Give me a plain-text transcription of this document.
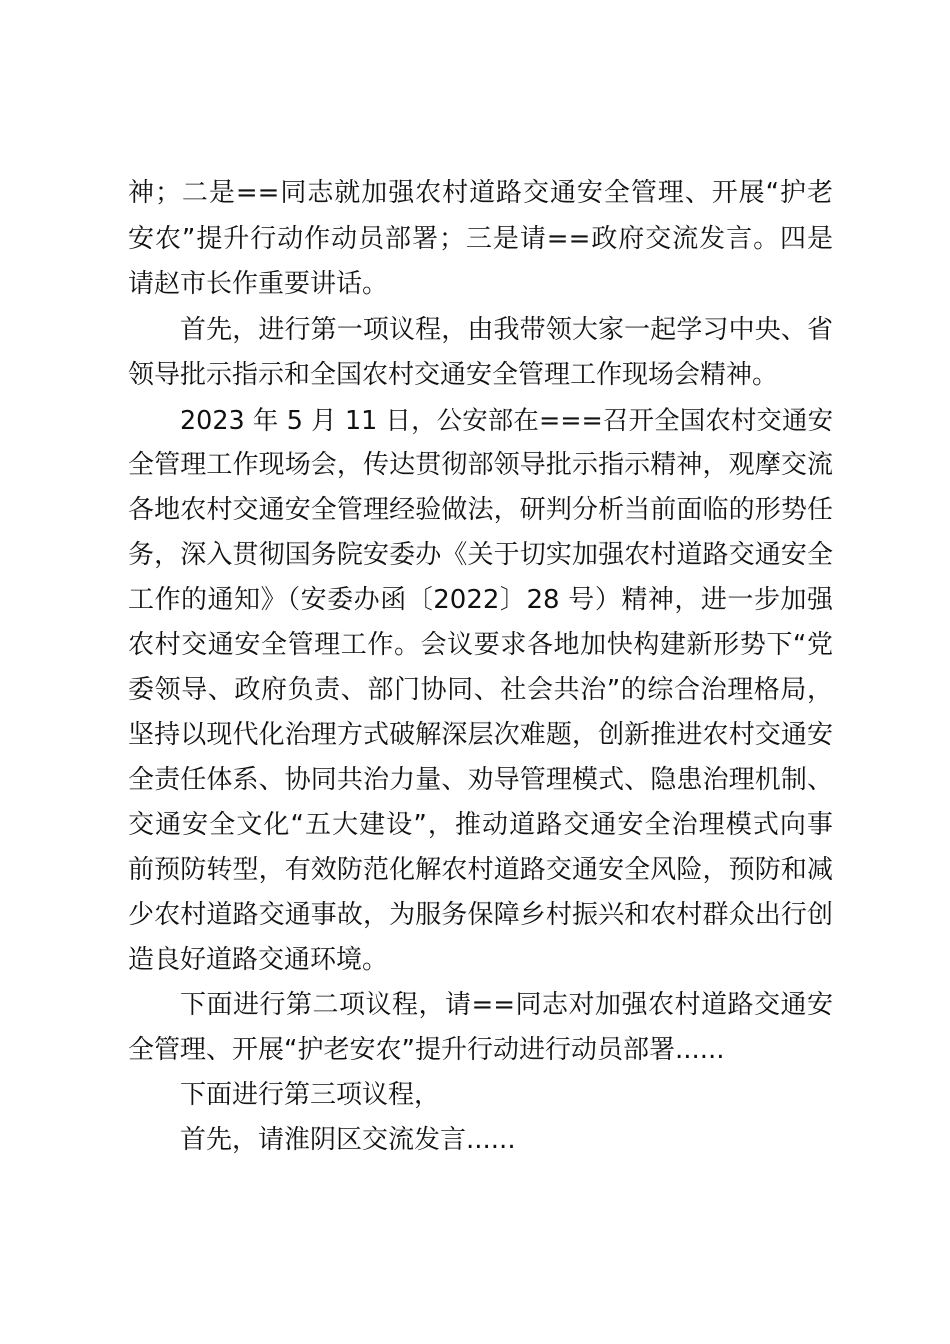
神；二是==同志就加强农村道路交通安全管理、开展“护老
安农”提升行动作动员部署；三是请==政府交流发言。四是
请赵市长作重要讲话。
首先，进行第一项议程，由我带领大家一起学习中央、省
领导批示指示和全国农村交通安全管理工作现场会精神。
2023 年 5 月 11 日，公安部在===召开全国农村交通安
全管理工作现场会，传达贯彻部领导批示指示精神，观摩交流
各地农村交通安全管理经验做法，研判分析当前面临的形势任
务，深入贯彻国务院安委办《关于切实加强农村道路交通安全
工作的通知》（安委办函〔2022〕28 号）精神，进一步加强
农村交通安全管理工作。会议要求各地加快构建新形势下“党
委领导、政府负责、部门协同、社会共治”的综合治理格局，
坚持以现代化治理方式破解深层次难题，创新推进农村交通安
全责任体系、协同共治力量、劝导管理模式、隐患治理机制、
交通安全文化“五大建设”，推动道路交通安全治理模式向事
前预防转型，有效防范化解农村道路交通安全风险，预防和减
少农村道路交通事故，为服务保障乡村振兴和农村群众出行创
造良好道路交通环境。
下面进行第二项议程，请==同志对加强农村道路交通安
全管理、开展“护老安农”提升行动进行动员部署......
下面进行第三项议程，
首先，请淮阴区交流发言......
